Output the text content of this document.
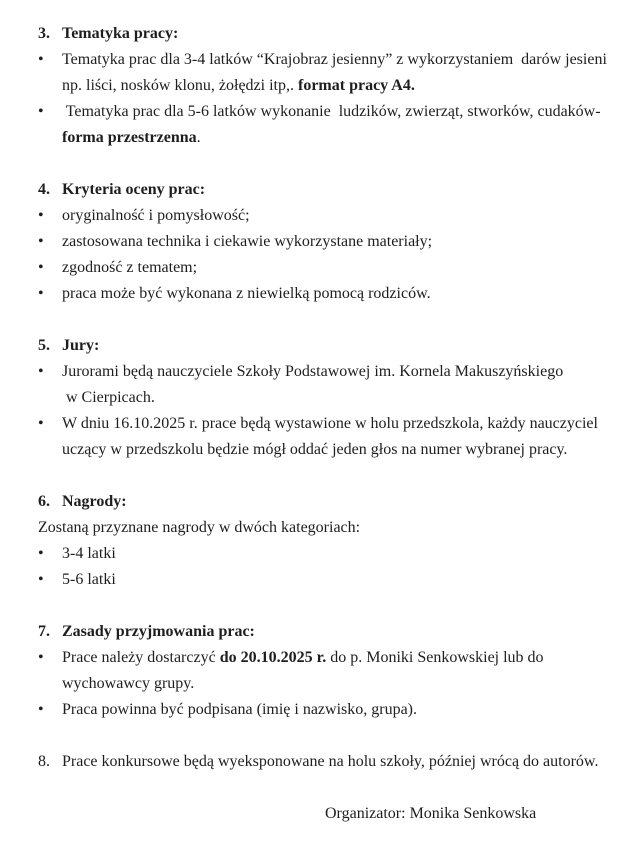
3. Tematyka pracy:
•	Tematyka prac dla 3-4 latków “Krajobraz jesienny” z wykorzystaniem  darów jesieni
np. liści, nosków klonu, żołędzi itp,. format pracy A4.
•	Tematyka prac dla 5-6 latków wykonanie  ludzików, zwierząt, stworków, cudaków-
forma przestrzenna.
4. Kryteria oceny prac:
•	oryginalność i pomysłowość;
•	zastosowana technika i ciekawie wykorzystane materiały;
•	zgodność z tematem;
•	praca może być wykonana z niewielką pomocą rodziców.
5. Jury:
•	Jurorami będą nauczyciele Szkoły Podstawowej im. Kornela Makuszyńskiego
w Cierpicach.
•	W dniu 16.10.2025 r. prace będą wystawione w holu przedszkola, każdy nauczyciel
uczący w przedszkolu będzie mógł oddać jeden głos na numer wybranej pracy.
6. Nagrody:
Zostaną przyznane nagrody w dwóch kategoriach:
•	3-4 latki
•	5-6 latki
7. Zasady przyjmowania prac:
•	Prace należy dostarczyć do 20.10.2025 r. do p. Moniki Senkowskiej lub do
wychowawcy grupy.
•	Praca powinna być podpisana (imię i nazwisko, grupa).
8. Prace konkursowe będą wyeksponowane na holu szkoły, później wrócą do autorów.
Organizator: Monika Senkowska
